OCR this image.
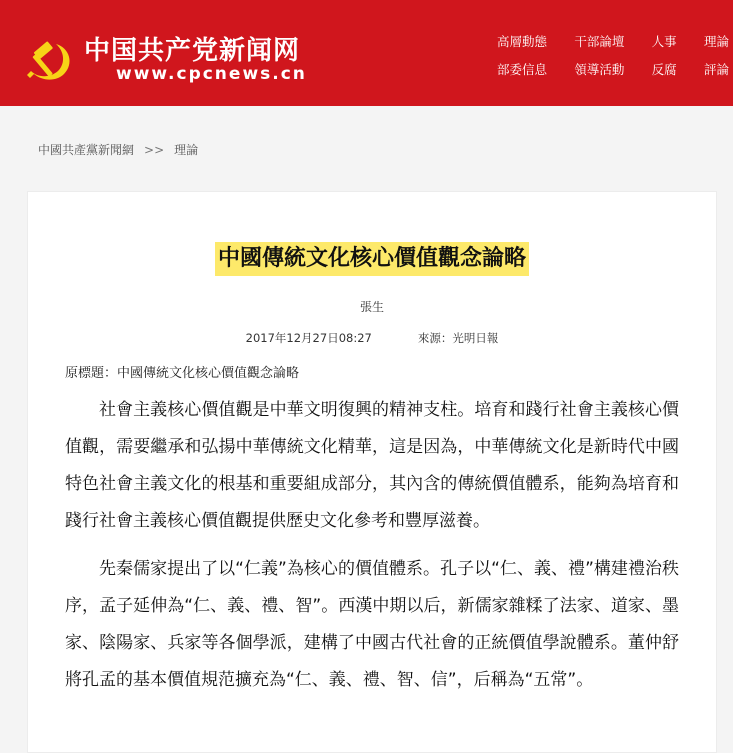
中国共产党新闻网
www.cpcnews.cn
高層動態 干部論壇 人事 理論
部委信息 領導活動 反腐 評論
中國共產黨新聞網 >> 理論
中國傳統文化核心價值觀念論略
張生
2017年12月27日08:27	來源：光明日報
原標題：中國傳統文化核心價值觀念論略

社會主義核心價值觀是中華文明復興的精神支柱。培育和踐行社會主義核心價值觀，需要繼承和弘揚中華傳統文化精華，這是因為，中華傳統文化是新時代中國特色社會主義文化的根基和重要組成部分，其內含的傳統價值體系，能夠為培育和踐行社會主義核心價值觀提供歷史文化參考和豐厚滋養。

先秦儒家提出了以“仁義”為核心的價值體系。孔子以“仁、義、禮”構建禮治秩序，孟子延伸為“仁、義、禮、智”。西漢中期以后，新儒家雜糅了法家、道家、墨家、陰陽家、兵家等各個學派，建構了中國古代社會的正統價值學說體系。董仲舒將孔孟的基本價值規范擴充為“仁、義、禮、智、信”，后稱為“五常”。
